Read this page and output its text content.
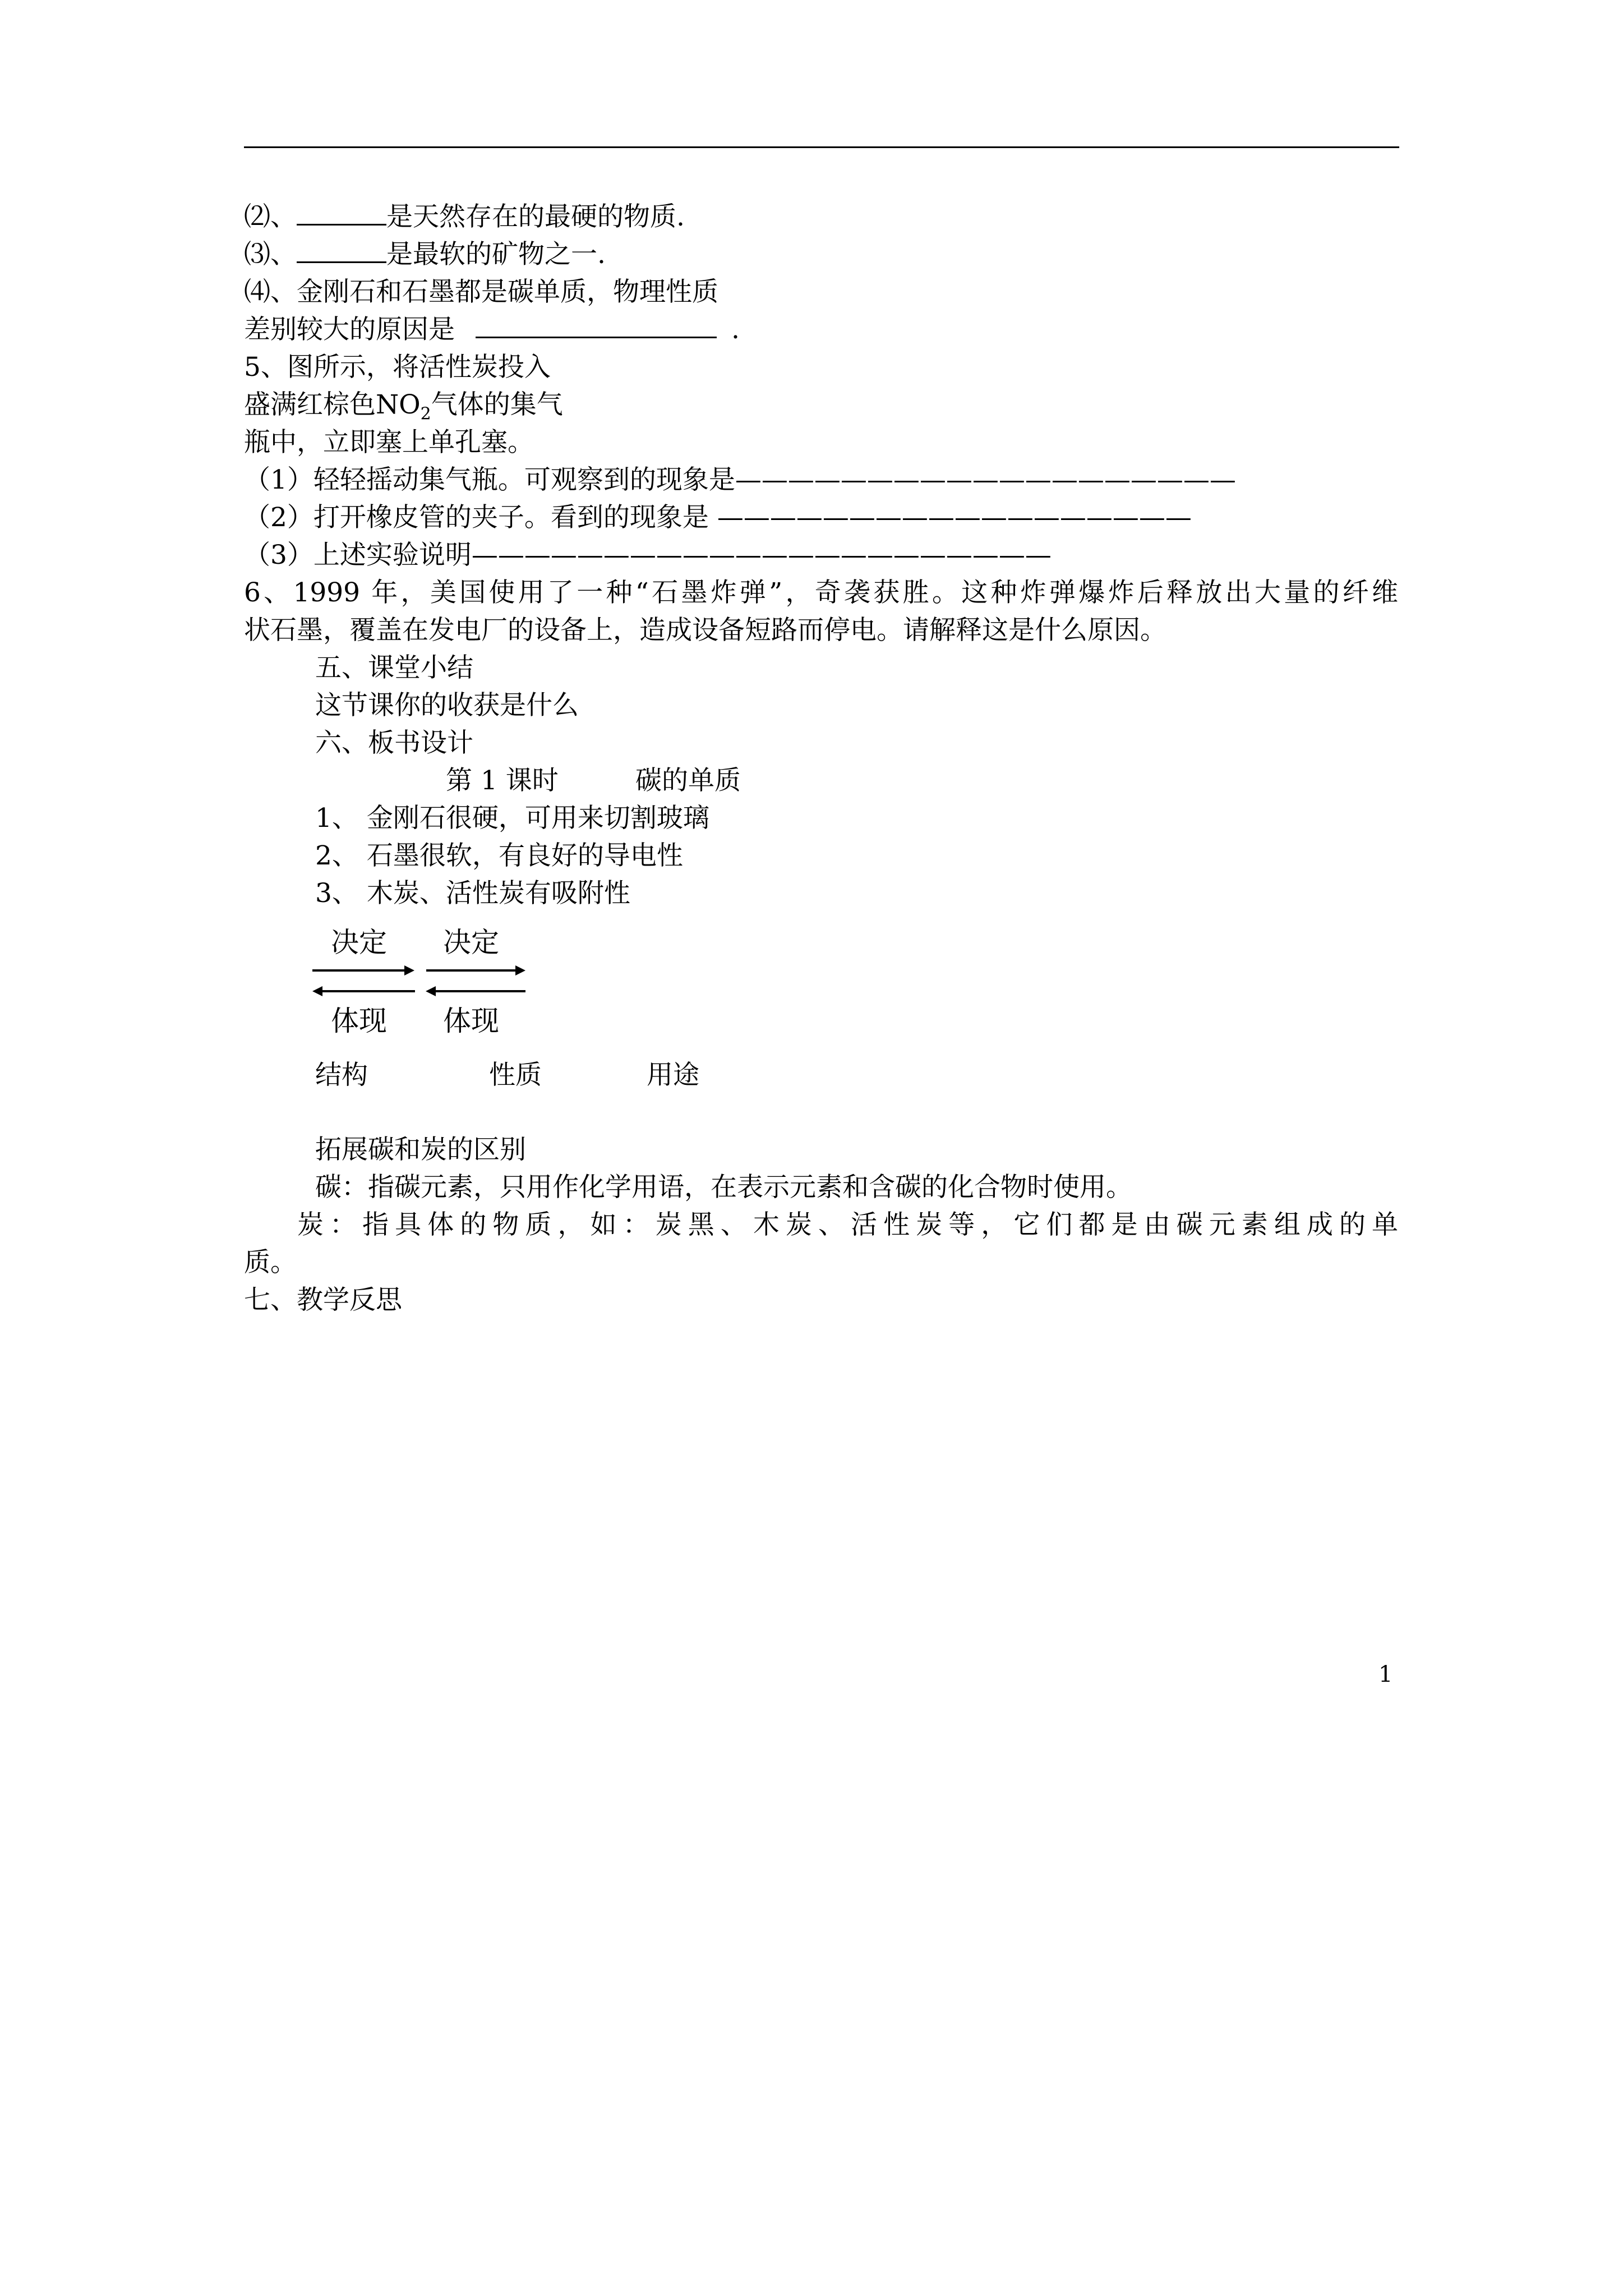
⑵、	是天然存在的最硬的物质.
⑶、	是最软的矿物之一.
⑷、金刚石和石墨都是碳单质，物理性质
差别较大的原因是	.
5、图所示，将活性炭投入
盛满红棕色$NO_2$气体的集气
瓶中，立即塞上单孔塞。
（1）轻轻摇动集气瓶。可观察到的现象是———————————————————
（2）打开橡皮管的夹子。看到的现象是 ——————————————————
（3）上述实验说明——————————————————————
6、1999 年，美国使用了一种“石墨炸弹”，奇袭获胜。这种炸弹爆炸后释放出大量的纤维
状石墨，覆盖在发电厂的设备上，造成设备短路而停电。请解释这是什么原因。
五、课堂小结
这节课你的收获是什么
六、板书设计
第 1 课时	碳的单质
1、 金刚石很硬，可用来切割玻璃
2、 石墨很软，有良好的导电性
3、 木炭、活性炭有吸附性
决定 决定
体现 体现
结构	性质	用途
拓展碳和炭的区别
碳：指碳元素，只用作化学用语，在表示元素和含碳的化合物时使用。
炭：指具体的物质，如：炭黑、木炭、活性炭等，它们都是由碳元素组成的单
质。
七、教学反思
1
